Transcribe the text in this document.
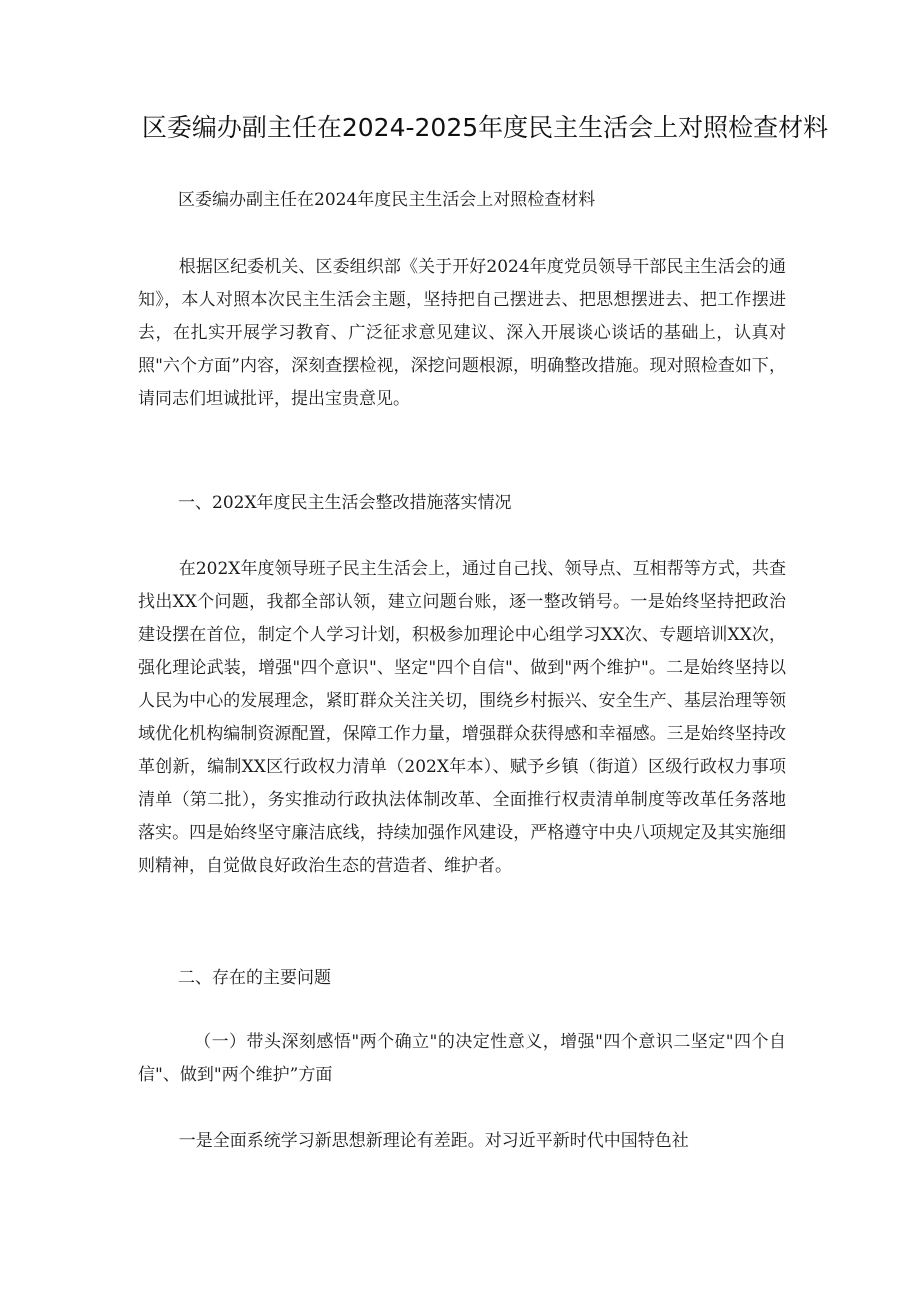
区委编办副主任在2024-2025年度民主生活会上对照检查材料

区委编办副主任在2024年度民主生活会上对照检查材料

根据区纪委机关、区委组织部《关于开好2024年度党员领导干部民主生活会的通知》，本人对照本次民主生活会主题，坚持把自己摆进去、把思想摆进去、把工作摆进去，在扎实开展学习教育、广泛征求意见建议、深入开展谈心谈话的基础上，认真对照"六个方面”内容，深刻查摆检视，深挖问题根源，明确整改措施。现对照检查如下，请同志们坦诚批评，提出宝贵意见。

一、202X年度民主生活会整改措施落实情况

在202X年度领导班子民主生活会上，通过自己找、领导点、互相帮等方式，共查找出XX个问题，我都全部认领，建立问题台账，逐一整改销号。一是始终坚持把政治建设摆在首位，制定个人学习计划，积极参加理论中心组学习XX次、专题培训XX次，强化理论武装，增强"四个意识"、坚定"四个自信"、做到"两个维护"。二是始终坚持以人民为中心的发展理念，紧盯群众关注关切，围绕乡村振兴、安全生产、基层治理等领域优化机构编制资源配置，保障工作力量，增强群众获得感和幸福感。三是始终坚持改革创新，编制XX区行政权力清单（202X年本）、赋予乡镇（街道）区级行政权力事项清单（第二批），务实推动行政执法体制改革、全面推行权责清单制度等改革任务落地落实。四是始终坚守廉洁底线，持续加强作风建设，严格遵守中央八项规定及其实施细则精神，自觉做良好政治生态的营造者、维护者。

二、存在的主要问题

（一）带头深刻感悟"两个确立"的决定性意义，增强"四个意识二坚定"四个自信"、做到"两个维护”方面

一是全面系统学习新思想新理论有差距。对习近平新时代中国特色社
